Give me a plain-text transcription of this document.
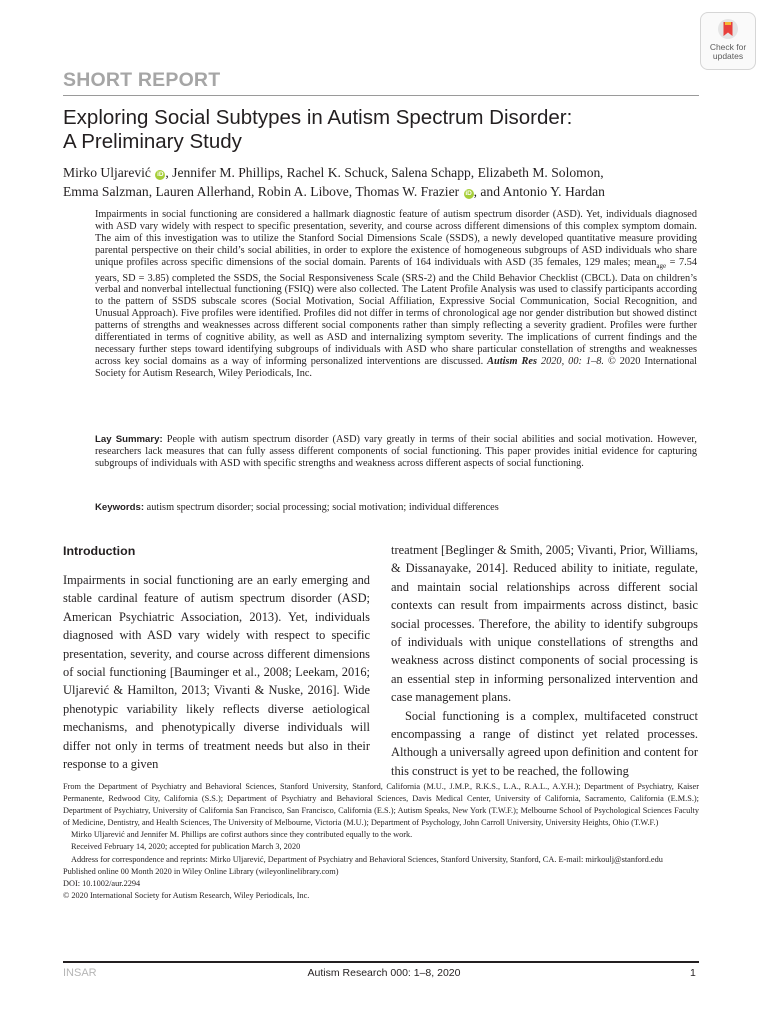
Check for
updates
SHORT REPORT
Exploring Social Subtypes in Autism Spectrum Disorder:
A Preliminary Study
Mirko Uljarević iD , Jennifer M. Phillips, Rachel K. Schuck, Salena Schapp, Elizabeth M. Solomon,
Emma Salzman, Lauren Allerhand, Robin A. Libove, Thomas W. Frazier iD , and Antonio Y. Hardan
Impairments in social functioning are considered a hallmark diagnostic feature of autism spectrum disorder (ASD). Yet, individuals diagnosed with ASD vary widely with respect to specific presentation, severity, and course across different dimensions of this complex symptom domain. The aim of this investigation was to utilize the Stanford Social Dimensions Scale (SSDS), a newly developed quantitative measure providing parental perspective on their child’s social abilities, in order to explore the existence of homogeneous subgroups of ASD individuals who share unique profiles across specific dimensions of the social domain. Parents of 164 individuals with ASD (35 females, 129 males; mean$_{age}$ = 7.54 years, SD = 3.85) completed the SSDS, the Social Responsiveness Scale (SRS-2) and the Child Behavior Checklist (CBCL). Data on children’s verbal and nonverbal intellectual functioning (FSIQ) were also collected. The Latent Profile Analysis was used to classify participants according to the pattern of SSDS subscale scores (Social Motivation, Social Affiliation, Expressive Social Communication, Social Recognition, and Unusual Approach). Five profiles were identified. Profiles did not differ in terms of chronological age nor gender distribution but showed distinct patterns of strengths and weaknesses across different social components rather than simply reflecting a severity gradient. Profiles were further differentiated in terms of cognitive ability, as well as ASD and internalizing symptom severity. The implications of current findings and the necessary further steps toward identifying subgroups of individuals with ASD who share particular constellation of strengths and weaknesses across key social domains as a way of informing personalized interventions are discussed. Autism Res 2020, 00: 1–8. © 2020 International Society for Autism Research, Wiley Periodicals, Inc.
Lay Summary: People with autism spectrum disorder (ASD) vary greatly in terms of their social abilities and social motivation. However, researchers lack measures that can fully assess different components of social functioning. This paper provides initial evidence for capturing subgroups of individuals with ASD with specific strengths and weakness across different aspects of social functioning.
Keywords: autism spectrum disorder; social processing; social motivation; individual differences
Introduction

Impairments in social functioning are an early emerging and stable cardinal feature of autism spectrum disorder (ASD; American Psychiatric Association, 2013). Yet, individuals diagnosed with ASD vary widely with respect to specific presentation, severity, and course across different dimensions of social functioning [Bauminger et al., 2008; Leekam, 2016; Uljarević & Hamilton, 2013; Vivanti & Nuske, 2016]. Wide phenotypic variability likely reflects diverse aetiological mechanisms, and phenotypically diverse individuals will differ not only in terms of treatment needs but also in their response to a given

treatment [Beglinger & Smith, 2005; Vivanti, Prior, Williams, & Dissanayake, 2014]. Reduced ability to initiate, regulate, and maintain social relationships across different social contexts can result from impairments across distinct, basic social processes. Therefore, the ability to identify subgroups of individuals with unique constellations of strengths and weakness across distinct components of social processing is an essential step in informing personalized intervention and case management plans.

Social functioning is a complex, multifaceted construct encompassing a range of distinct yet related processes. Although a universally agreed upon definition and content for this construct is yet to be reached, the following

From the Department of Psychiatry and Behavioral Sciences, Stanford University, Stanford, California (M.U., J.M.P., R.K.S., L.A., R.A.L., A.Y.H.); Department of Psychiatry, Kaiser Permanente, Redwood City, California (S.S.); Department of Psychiatry and Behavioral Sciences, Davis Medical Center, University of California, Sacramento, California (E.M.S.); Department of Psychiatry, University of California San Francisco, San Francisco, California (E.S.); Autism Speaks, New York (T.W.F.); Melbourne School of Psychological Sciences Faculty of Medicine, Dentistry, and Health Sciences, The University of Melbourne, Victoria (M.U.); Department of Psychology, John Carroll University, University Heights, Ohio (T.W.F.)

Mirko Uljarević and Jennifer M. Phillips are cofirst authors since they contributed equally to the work.

Received February 14, 2020; accepted for publication March 3, 2020

Address for correspondence and reprints: Mirko Uljarević, Department of Psychiatry and Behavioral Sciences, Stanford University, Stanford, CA. E-mail: mirkoulj@stanford.edu

Published online 00 Month 2020 in Wiley Online Library (wileyonlinelibrary.com)

DOI: 10.1002/aur.2294

© 2020 International Society for Autism Research, Wiley Periodicals, Inc.

INSAR	Autism Research 000: 1–8, 2020	1
